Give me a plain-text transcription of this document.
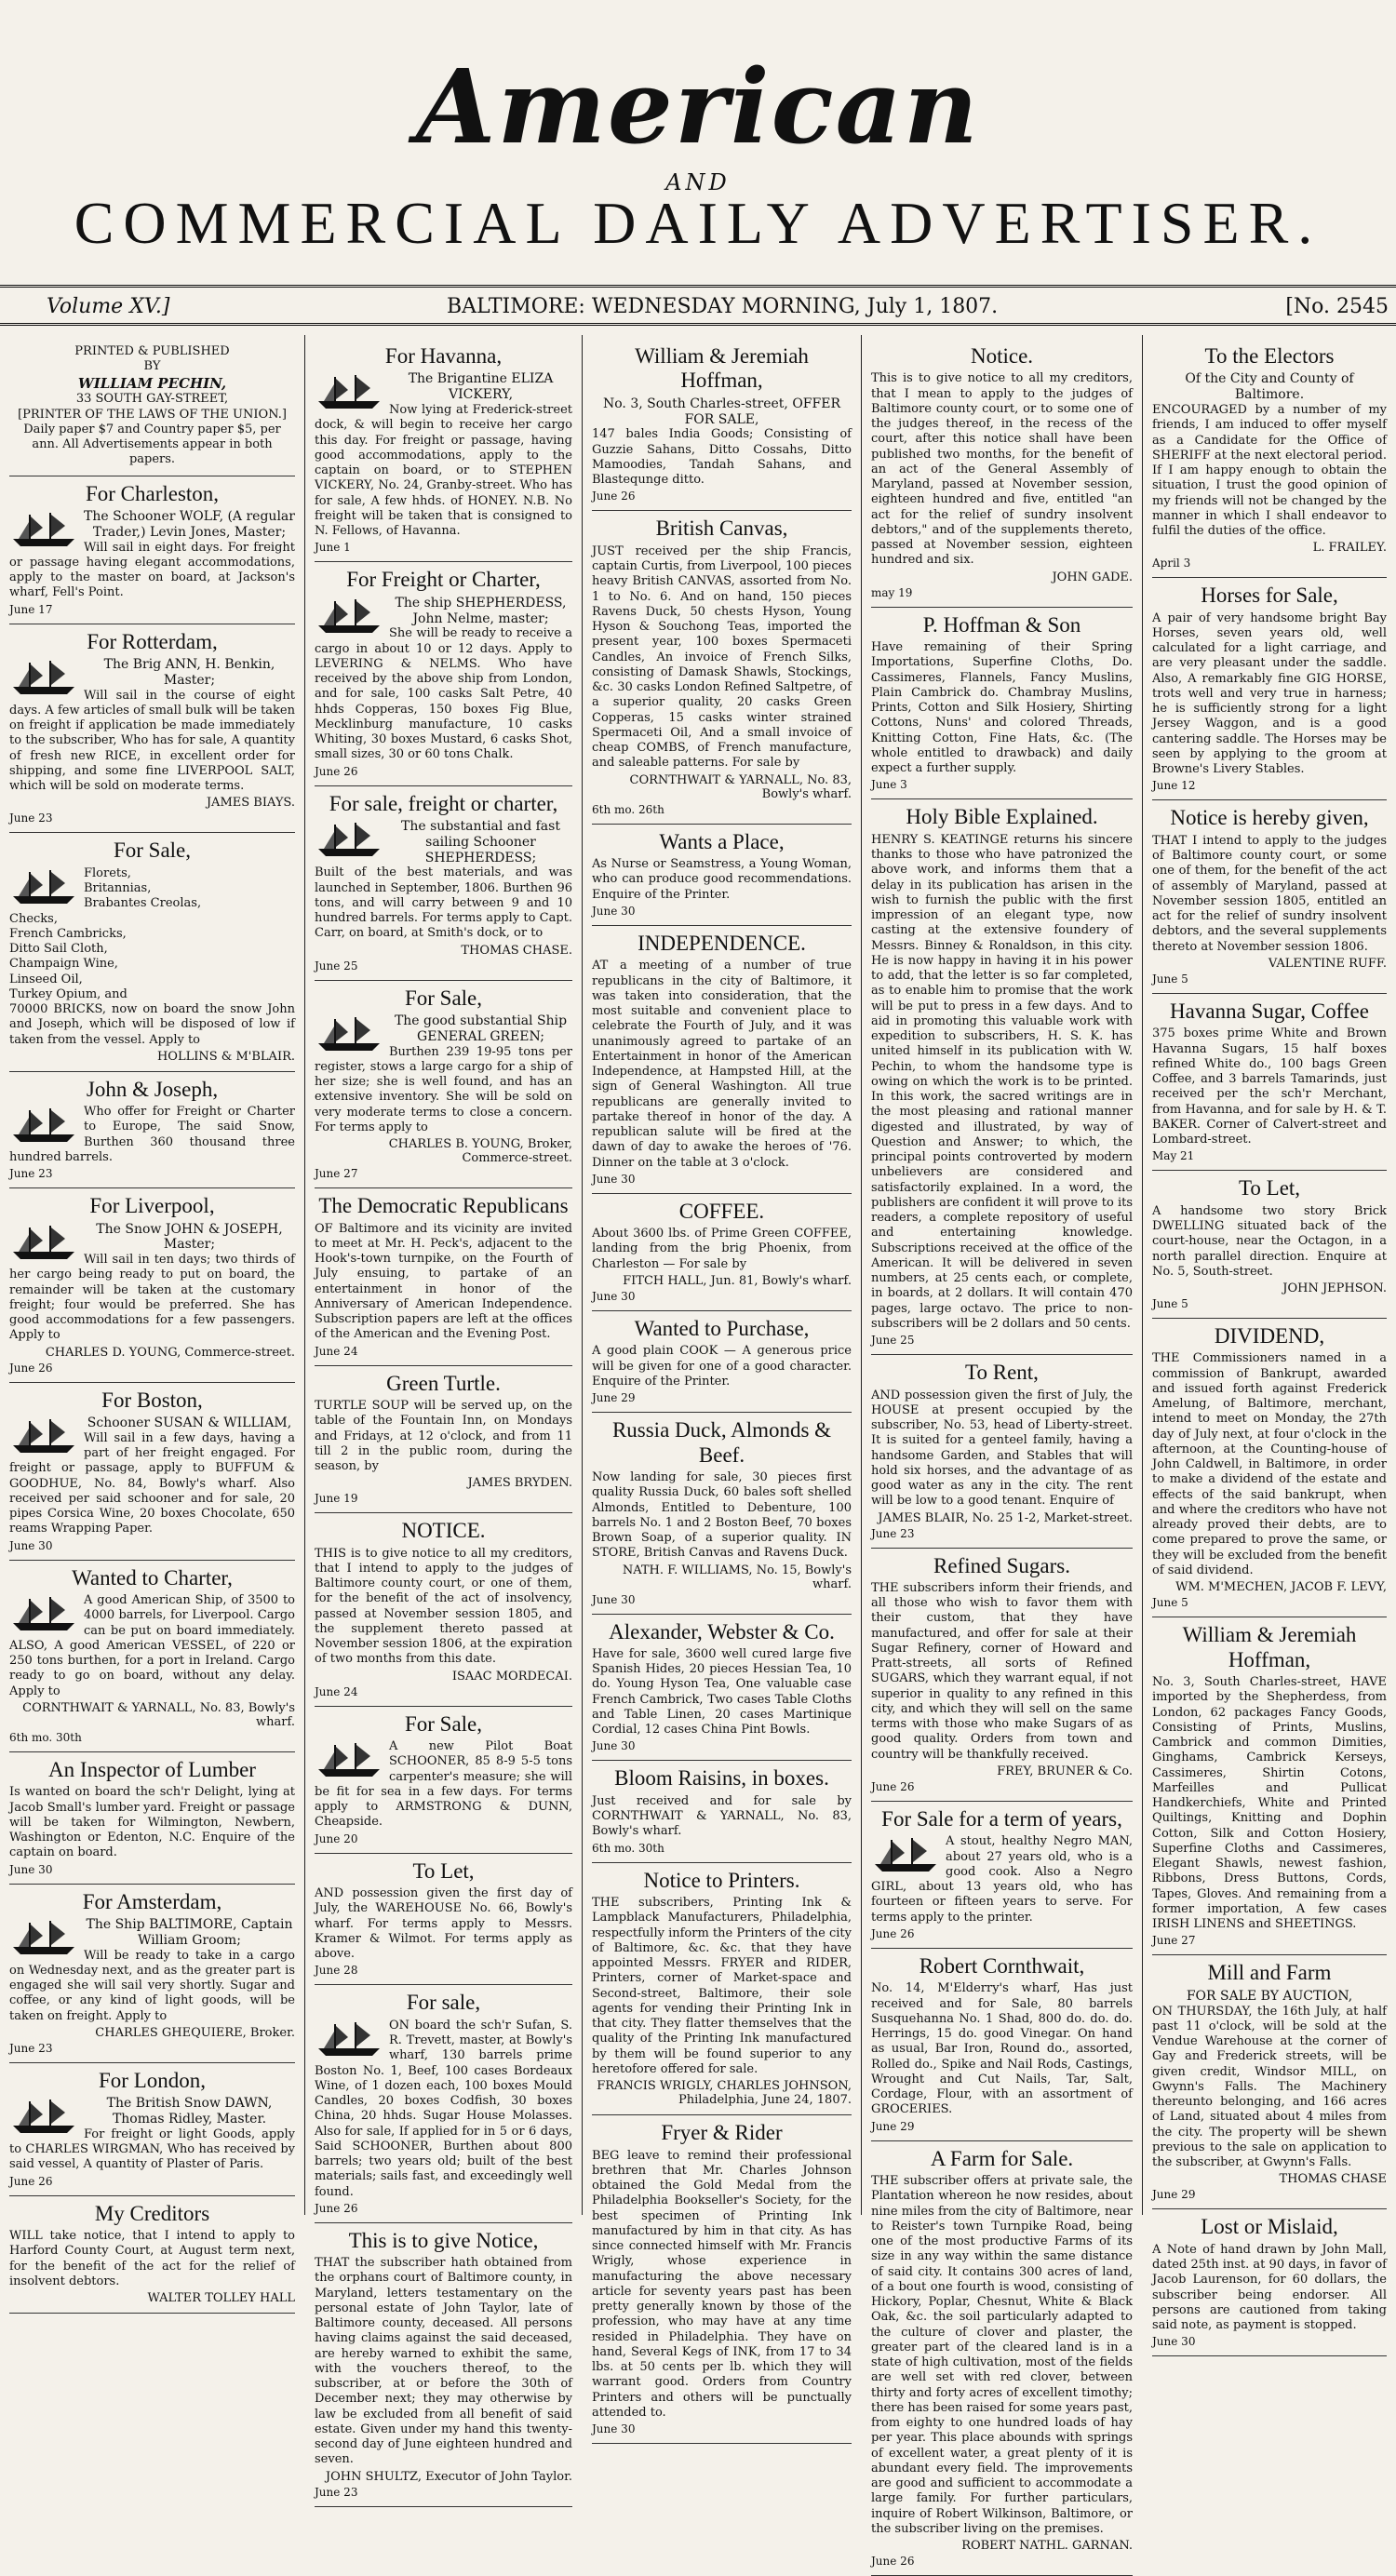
American
AND
COMMERCIAL DAILY ADVERTISER.
Volume XV.]	BALTIMORE: WEDNESDAY MORNING, July 1, 1807.	[No. 2545
PRINTED & PUBLISHED
BY
WILLIAM PECHIN,
33 SOUTH GAY-STREET,
[PRINTER OF THE LAWS OF THE UNION.]
Daily paper $7 and Country paper $5, per ann. All Advertisements appear in both papers.
For Charleston,
The Schooner WOLF, (A regular Trader,) Levin Jones, Master;

Will sail in eight days. For freight or passage having elegant accommodations, apply to the master on board, at Jackson's wharf, Fell's Point.

June 17
For Rotterdam,
The Brig ANN, H. Benkin, Master;

Will sail in the course of eight days. A few articles of small bulk will be taken on freight if application be made immediately to the subscriber, Who has for sale, A quantity of fresh new RICE, in excellent order for shipping, and some fine LIVERPOOL SALT, which will be sold on moderate terms.

JAMES BIAYS.
June 23
For Sale,
Florets,
Britannias,
Brabantes Creolas,
Checks,
French Cambricks,
Ditto Sail Cloth,
Champaign Wine,
Linseed Oil,
Turkey Opium, and

70000 BRICKS, now on board the snow John and Joseph, which will be disposed of low if taken from the vessel. Apply to

HOLLINS & M'BLAIR.
John & Joseph,

Who offer for Freight or Charter to Europe, The said Snow, Burthen 360 thousand three hundred barrels.

June 23
For Liverpool,
The Snow JOHN & JOSEPH, Master;

Will sail in ten days; two thirds of her cargo being ready to put on board, the remainder will be taken at the customary freight; four would be preferred. She has good accommodations for a few passengers. Apply to

CHARLES D. YOUNG, Commerce-street.
June 26
For Boston,
Schooner SUSAN & WILLIAM,

Will sail in a few days, having a part of her freight engaged. For freight or passage, apply to BUFFUM & GOODHUE, No. 84, Bowly's wharf. Also received per said schooner and for sale, 20 pipes Corsica Wine, 20 boxes Chocolate, 650 reams Wrapping Paper.

June 30
Wanted to Charter,

A good American Ship, of 3500 to 4000 barrels, for Liverpool. Cargo can be put on board immediately. ALSO, A good American VESSEL, of 220 or 250 tons burthen, for a port in Ireland. Cargo ready to go on board, without any delay. Apply to

CORNTHWAIT & YARNALL, No. 83, Bowly's wharf.
6th mo. 30th
An Inspector of Lumber

Is wanted on board the sch'r Delight, lying at Jacob Small's lumber yard. Freight or passage will be taken for Wilmington, Newbern, Washington or Edenton, N.C. Enquire of the captain on board.

June 30
For Amsterdam,
The Ship BALTIMORE, Captain William Groom;

Will be ready to take in a cargo on Wednesday next, and as the greater part is engaged she will sail very shortly. Sugar and coffee, or any kind of light goods, will be taken on freight. Apply to

CHARLES GHEQUIERE, Broker.
June 23
For London,
The British Snow DAWN, Thomas Ridley, Master.

For freight or light Goods, apply to CHARLES WIRGMAN, Who has received by said vessel, A quantity of Plaster of Paris.

June 26
My Creditors

WILL take notice, that I intend to apply to Harford County Court, at August term next, for the benefit of the act for the relief of insolvent debtors.

WALTER TOLLEY HALL
For Havanna,
The Brigantine ELIZA VICKERY,

Now lying at Frederick-street dock, & will begin to receive her cargo this day. For freight or passage, having good accommodations, apply to the captain on board, or to STEPHEN VICKERY, No. 24, Granby-street. Who has for sale, A few hhds. of HONEY. N.B. No freight will be taken that is consigned to N. Fellows, of Havanna.

June 1
For Freight or Charter,
The ship SHEPHERDESS, John Nelme, master;

She will be ready to receive a cargo in about 10 or 12 days. Apply to LEVERING & NELMS. Who have received by the above ship from London, and for sale, 100 casks Salt Petre, 40 hhds Copperas, 150 boxes Fig Blue, Mecklinburg manufacture, 10 casks Whiting, 30 boxes Mustard, 6 casks Shot, small sizes, 30 or 60 tons Chalk.

June 26
For sale, freight or charter,
The substantial and fast sailing Schooner SHEPHERDESS;

Built of the best materials, and was launched in September, 1806. Burthen 96 tons, and will carry between 9 and 10 hundred barrels. For terms apply to Capt. Carr, on board, at Smith's dock, or to

THOMAS CHASE.
June 25
For Sale,
The good substantial Ship GENERAL GREEN;

Burthen 239 19-95 tons per register, stows a large cargo for a ship of her size; she is well found, and has an extensive inventory. She will be sold on very moderate terms to close a concern. For terms apply to

CHARLES B. YOUNG, Broker, Commerce-street.
June 27
The Democratic Republicans

OF Baltimore and its vicinity are invited to meet at Mr. H. Peck's, adjacent to the Hook's-town turnpike, on the Fourth of July ensuing, to partake of an entertainment in honor of the Anniversary of American Independence. Subscription papers are left at the offices of the American and the Evening Post.

June 24
Green Turtle.

TURTLE SOUP will be served up, on the table of the Fountain Inn, on Mondays and Fridays, at 12 o'clock, and from 11 till 2 in the public room, during the season, by

JAMES BRYDEN.
June 19
NOTICE.

THIS is to give notice to all my creditors, that I intend to apply to the judges of Baltimore county court, or one of them, for the benefit of the act of insolvency, passed at November session 1805, and the supplement thereto passed at November session 1806, at the expiration of two months from this date.

ISAAC MORDECAI.
June 24
For Sale,

A new Pilot Boat SCHOONER, 85 8-9 5-5 tons carpenter's measure; she will be fit for sea in a few days. For terms apply to ARMSTRONG & DUNN, Cheapside.

June 20
To Let,

AND possession given the first day of July, the WAREHOUSE No. 66, Bowly's wharf. For terms apply to Messrs. Kramer & Wilmot. For terms apply as above.

June 28
For sale,

ON board the sch'r Sufan, S. R. Trevett, master, at Bowly's wharf, 130 barrels prime Boston No. 1, Beef, 100 cases Bordeaux Wine, of 1 dozen each, 100 boxes Mould Candles, 20 boxes Codfish, 30 boxes China, 20 hhds. Sugar House Molasses. Also for sale, If applied for in 5 or 6 days, Said SCHOONER, Burthen about 800 barrels; two years old; built of the best materials; sails fast, and exceedingly well found.

June 26
This is to give Notice,

THAT the subscriber hath obtained from the orphans court of Baltimore county, in Maryland, letters testamentary on the personal estate of John Taylor, late of Baltimore county, deceased. All persons having claims against the said deceased, are hereby warned to exhibit the same, with the vouchers thereof, to the subscriber, at or before the 30th of December next; they may otherwise by law be excluded from all benefit of said estate. Given under my hand this twenty-second day of June eighteen hundred and seven.

JOHN SHULTZ, Executor of John Taylor.
June 23
William & Jeremiah Hoffman,
No. 3, South Charles-street, OFFER FOR SALE,

147 bales India Goods; Consisting of Guzzie Sahans, Ditto Cossahs, Ditto Mamoodies, Tandah Sahans, and Blastequnge ditto.

June 26
British Canvas,

JUST received per the ship Francis, captain Curtis, from Liverpool, 100 pieces heavy British CANVAS, assorted from No. 1 to No. 6. And on hand, 150 pieces Ravens Duck, 50 chests Hyson, Young Hyson & Souchong Teas, imported the present year, 100 boxes Spermaceti Candles, An invoice of French Silks, consisting of Damask Shawls, Stockings, &c. 30 casks London Refined Saltpetre, of a superior quality, 20 casks Green Copperas, 15 casks winter strained Spermaceti Oil, And a small invoice of cheap COMBS, of French manufacture, and saleable patterns. For sale by

CORNTHWAIT & YARNALL, No. 83, Bowly's wharf.
6th mo. 26th
Wants a Place,

As Nurse or Seamstress, a Young Woman, who can produce good recommendations. Enquire of the Printer.

June 30
INDEPENDENCE.

AT a meeting of a number of true republicans in the city of Baltimore, it was taken into consideration, that the most suitable and convenient place to celebrate the Fourth of July, and it was unanimously agreed to partake of an Entertainment in honor of the American Independence, at Hampsted Hill, at the sign of General Washington. All true republicans are generally invited to partake thereof in honor of the day. A republican salute will be fired at the dawn of day to awake the heroes of '76. Dinner on the table at 3 o'clock.

June 30
COFFEE.

About 3600 lbs. of Prime Green COFFEE, landing from the brig Phoenix, from Charleston — For sale by

FITCH HALL, Jun. 81, Bowly's wharf.
June 30
Wanted to Purchase,

A good plain COOK — A generous price will be given for one of a good character. Enquire of the Printer.

June 29
Russia Duck, Almonds & Beef.

Now landing for sale, 30 pieces first quality Russia Duck, 60 bales soft shelled Almonds, Entitled to Debenture, 100 barrels No. 1 and 2 Boston Beef, 70 boxes Brown Soap, of a superior quality. IN STORE, British Canvas and Ravens Duck.

NATH. F. WILLIAMS, No. 15, Bowly's wharf.
June 30
Alexander, Webster & Co.

Have for sale, 3600 well cured large five Spanish Hides, 20 pieces Hessian Tea, 10 do. Young Hyson Tea, One valuable case French Cambrick, Two cases Table Cloths and Table Linen, 20 cases Martinique Cordial, 12 cases China Pint Bowls.

June 30
Bloom Raisins, in boxes.

Just received and for sale by CORNTHWAIT & YARNALL, No. 83, Bowly's wharf.

6th mo. 30th
Notice to Printers.

THE subscribers, Printing Ink & Lampblack Manufacturers, Philadelphia, respectfully inform the Printers of the city of Baltimore, &c. &c. that they have appointed Messrs. FRYER and RIDER, Printers, corner of Market-space and Second-street, Baltimore, their sole agents for vending their Printing Ink in that city. They flatter themselves that the quality of the Printing Ink manufactured by them will be found superior to any heretofore offered for sale.

FRANCIS WRIGLY, CHARLES JOHNSON, Philadelphia, June 24, 1807.
Fryer & Rider

BEG leave to remind their professional brethren that Mr. Charles Johnson obtained the Gold Medal from the Philadelphia Bookseller's Society, for the best specimen of Printing Ink manufactured by him in that city. As has since connected himself with Mr. Francis Wrigly, whose experience in manufacturing the above necessary article for seventy years past has been pretty generally known by those of the profession, who may have at any time resided in Philadelphia. They have on hand, Several Kegs of INK, from 17 to 34 lbs. at 50 cents per lb. which they will warrant good. Orders from Country Printers and others will be punctually attended to.

June 30
Notice.

This is to give notice to all my creditors, that I mean to apply to the judges of Baltimore county court, or to some one of the judges thereof, in the recess of the court, after this notice shall have been published two months, for the benefit of an act of the General Assembly of Maryland, passed at November session, eighteen hundred and five, entitled "an act for the relief of sundry insolvent debtors," and of the supplements thereto, passed at November session, eighteen hundred and six.

JOHN GADE.
may 19
P. Hoffman & Son

Have remaining of their Spring Importations, Superfine Cloths, Do. Cassimeres, Flannels, Fancy Muslins, Plain Cambrick do. Chambray Muslins, Prints, Cotton and Silk Hosiery, Shirting Cottons, Nuns' and colored Threads, Knitting Cotton, Fine Hats, &c. (The whole entitled to drawback) and daily expect a further supply.

June 3
Holy Bible Explained.

HENRY S. KEATINGE returns his sincere thanks to those who have patronized the above work, and informs them that a delay in its publication has arisen in the wish to furnish the public with the first impression of an elegant type, now casting at the extensive foundery of Messrs. Binney & Ronaldson, in this city. He is now happy in having it in his power to add, that the letter is so far completed, as to enable him to promise that the work will be put to press in a few days. And to aid in promoting this valuable work with expedition to subscribers, H. S. K. has united himself in its publication with W. Pechin, to whom the handsome type is owing on which the work is to be printed. In this work, the sacred writings are in the most pleasing and rational manner digested and illustrated, by way of Question and Answer; to which, the principal points controverted by modern unbelievers are considered and satisfactorily explained. In a word, the publishers are confident it will prove to its readers, a complete repository of useful and entertaining knowledge. Subscriptions received at the office of the American. It will be delivered in seven numbers, at 25 cents each, or complete, in boards, at 2 dollars. It will contain 470 pages, large octavo. The price to non-subscribers will be 2 dollars and 50 cents.

June 25
To Rent,

AND possession given the first of July, the HOUSE at present occupied by the subscriber, No. 53, head of Liberty-street. It is suited for a genteel family, having a handsome Garden, and Stables that will hold six horses, and the advantage of as good water as any in the city. The rent will be low to a good tenant. Enquire of

JAMES BLAIR, No. 25 1-2, Market-street.
June 23
Refined Sugars.

THE subscribers inform their friends, and all those who wish to favor them with their custom, that they have manufactured, and offer for sale at their Sugar Refinery, corner of Howard and Pratt-streets, all sorts of Refined SUGARS, which they warrant equal, if not superior in quality to any refined in this city, and which they will sell on the same terms with those who make Sugars of as good quality. Orders from town and country will be thankfully received.

FREY, BRUNER & Co.
June 26
For Sale for a term of years,

A stout, healthy Negro MAN, about 27 years old, who is a good cook. Also a Negro GIRL, about 13 years old, who has fourteen or fifteen years to serve. For terms apply to the printer.

June 26
Robert Cornthwait,

No. 14, M'Elderry's wharf, Has just received and for Sale, 80 barrels Susquehanna No. 1 Shad, 800 do. do. do. Herrings, 15 do. good Vinegar. On hand as usual, Bar Iron, Round do., assorted, Rolled do., Spike and Nail Rods, Castings, Wrought and Cut Nails, Tar, Salt, Cordage, Flour, with an assortment of GROCERIES.

June 29
A Farm for Sale.

THE subscriber offers at private sale, the Plantation whereon he now resides, about nine miles from the city of Baltimore, near to Reister's town Turnpike Road, being one of the most productive Farms of its size in any way within the same distance of said city. It contains 300 acres of land, of a bout one fourth is wood, consisting of Hickory, Poplar, Chesnut, White & Black Oak, &c. the soil particularly adapted to the culture of clover and plaster, the greater part of the cleared land is in a state of high cultivation, most of the fields are well set with red clover, between thirty and forty acres of excellent timothy; there has been raised for some years past, from eighty to one hundred loads of hay per year. This place abounds with springs of excellent water, a great plenty of it is abundant every field. The improvements are good and sufficient to accommodate a large family. For further particulars, inquire of Robert Wilkinson, Baltimore, or the subscriber living on the premises.

ROBERT NATHL. GARNAN.
June 26
To the Electors
Of the City and County of Baltimore.

ENCOURAGED by a number of my friends, I am induced to offer myself as a Candidate for the Office of SHERIFF at the next electoral period. If I am happy enough to obtain the situation, I trust the good opinion of my friends will not be changed by the manner in which I shall endeavor to fulfil the duties of the office.

L. FRAILEY.
April 3
Horses for Sale,

A pair of very handsome bright Bay Horses, seven years old, well calculated for a light carriage, and are very pleasant under the saddle. Also, A remarkably fine GIG HORSE, trots well and very true in harness; he is sufficiently strong for a light Jersey Waggon, and is a good cantering saddle. The Horses may be seen by applying to the groom at Browne's Livery Stables.

June 12
Notice is hereby given,

THAT I intend to apply to the judges of Baltimore county court, or some one of them, for the benefit of the act of assembly of Maryland, passed at November session 1805, entitled an act for the relief of sundry insolvent debtors, and the several supplements thereto at November session 1806.

VALENTINE RUFF.
June 5
Havanna Sugar, Coffee

375 boxes prime White and Brown Havanna Sugars, 15 half boxes refined White do., 100 bags Green Coffee, and 3 barrels Tamarinds, just received per the sch'r Merchant, from Havanna, and for sale by H. & T. BAKER. Corner of Calvert-street and Lombard-street.

May 21
To Let,

A handsome two story Brick DWELLING situated back of the court-house, near the Octagon, in a north parallel direction. Enquire at No. 5, South-street.

JOHN JEPHSON.
June 5
DIVIDEND,

THE Commissioners named in a commission of Bankrupt, awarded and issued forth against Frederick Amelung, of Baltimore, merchant, intend to meet on Monday, the 27th day of July next, at four o'clock in the afternoon, at the Counting-house of John Caldwell, in Baltimore, in order to make a dividend of the estate and effects of the said bankrupt, when and where the creditors who have not already proved their debts, are to come prepared to prove the same, or they will be excluded from the benefit of said dividend.

WM. M'MECHEN, JACOB F. LEVY,
June 5
William & Jeremiah Hoffman,

No. 3, South Charles-street, HAVE imported by the Shepherdess, from London, 62 packages Fancy Goods, Consisting of Prints, Muslins, Cambrick and common Dimities, Ginghams, Cambrick Kerseys, Cassimeres, Shirtin Cotons, Marfeilles and Pullicat Handkerchiefs, White and Printed Quiltings, Knitting and Dophin Cotton, Silk and Cotton Hosiery, Superfine Cloths and Cassimeres, Elegant Shawls, newest fashion, Ribbons, Dress Buttons, Cords, Tapes, Gloves. And remaining from a former importation, A few cases IRISH LINENS and SHEETINGS.

June 27
Mill and Farm
FOR SALE BY AUCTION,

ON THURSDAY, the 16th July, at half past 11 o'clock, will be sold at the Vendue Warehouse at the corner of Gay and Frederick streets, will be given credit, Windsor MILL, on Gwynn's Falls. The Machinery thereunto belonging, and 166 acres of Land, situated about 4 miles from the city. The property will be shewn previous to the sale on application to the subscriber, at Gwynn's Falls.

THOMAS CHASE
June 29
Lost or Mislaid,

A Note of hand drawn by John Mall, dated 25th inst. at 90 days, in favor of Jacob Laurenson, for 60 dollars, the subscriber being endorser. All persons are cautioned from taking said note, as payment is stopped.

June 30
